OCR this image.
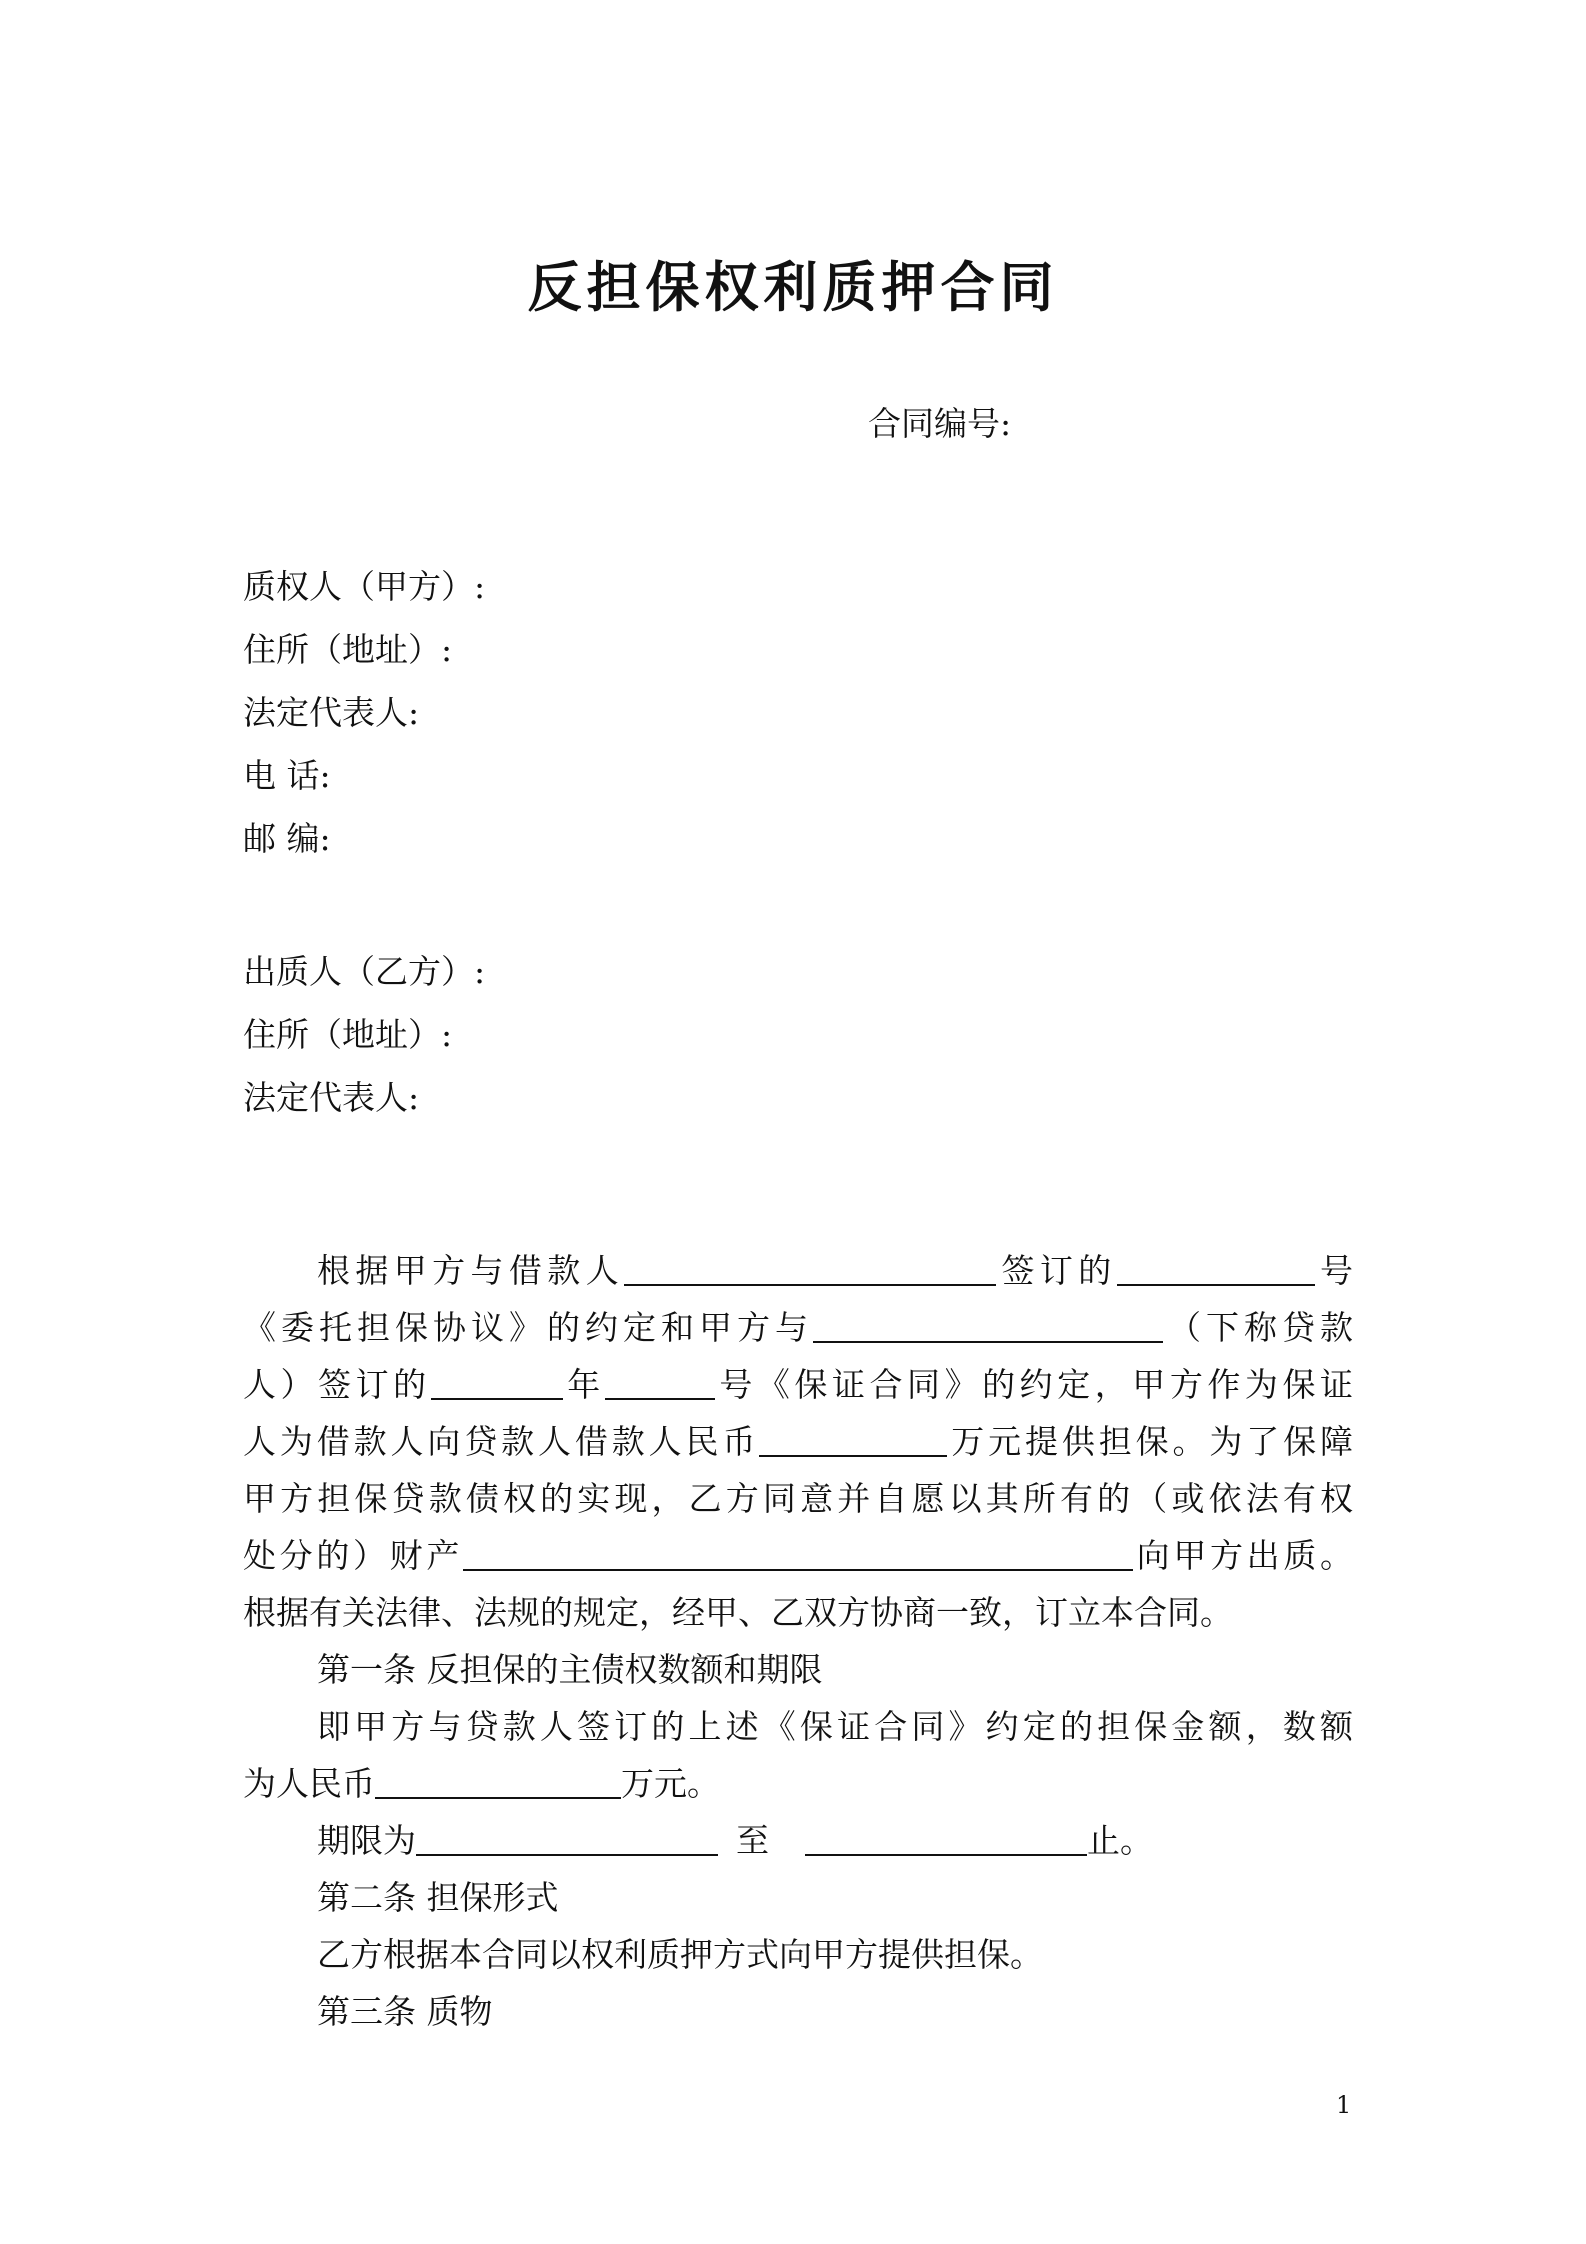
反担保权利质押合同
合同编号:
质权人（甲方）:
住所（地址）:
法定代表人:
电 话:
邮 编:
出质人（乙方）:
住所（地址）:
法定代表人:

根据甲方与借款人	签订的	号

《委托担保协议》的约定和甲方与	（下称贷款

人）签订的	年	号《保证合同》的约定，甲方作为保证

人为借款人向贷款人借款人民币	万元提供担保。为了保障

甲方担保贷款债权的实现，乙方同意并自愿以其所有的（或依法有权

处分的）财产	向甲方出质。

根据有关法律、法规的规定，经甲、乙双方协商一致，订立本合同。

第一条 反担保的主债权数额和期限

即甲方与贷款人签订的上述《保证合同》约定的担保金额，数额

为人民币	万元。

期限为	至	止。

第二条 担保形式

乙方根据本合同以权利质押方式向甲方提供担保。

第三条 质物

1
